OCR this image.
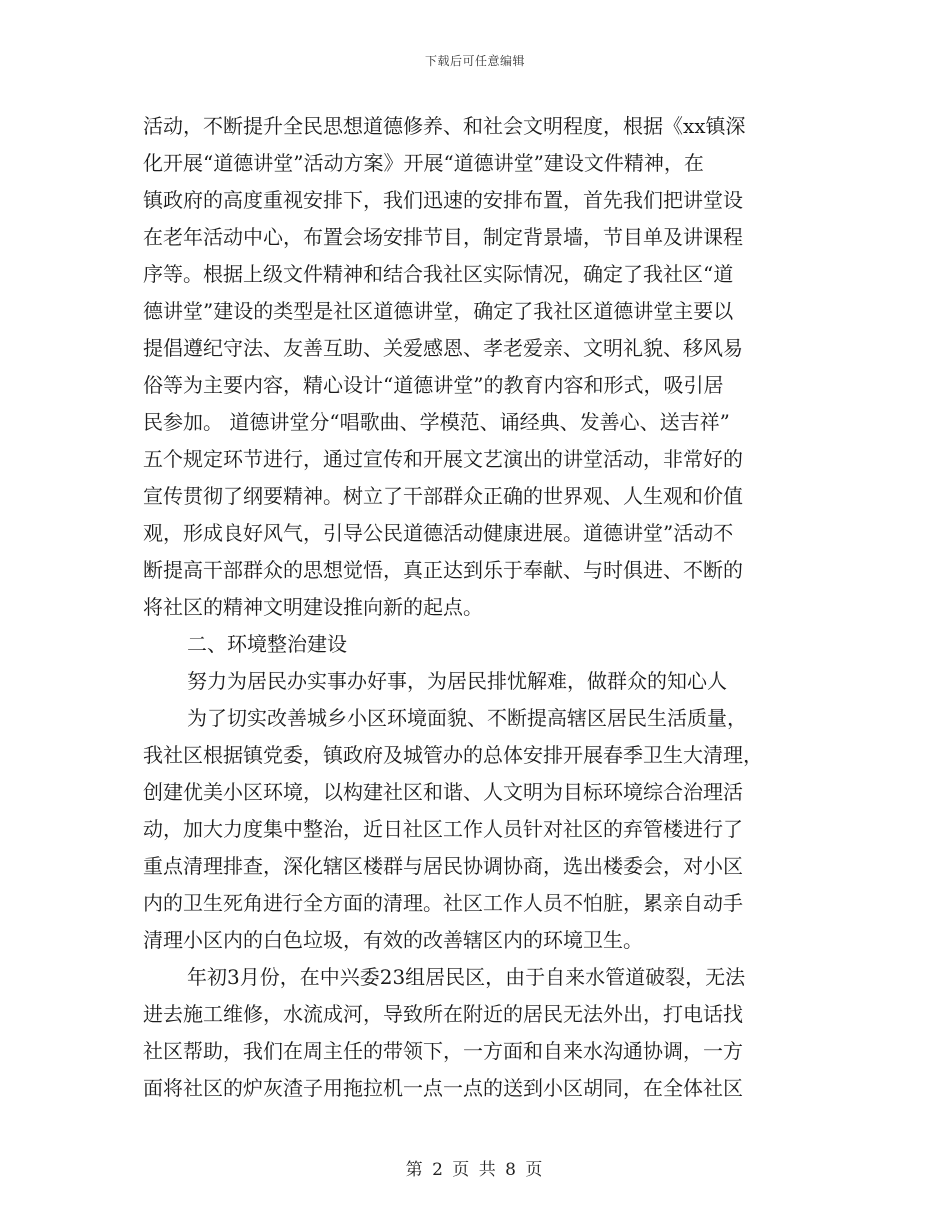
下载后可任意编辑
活动，不断提升全民思想道德修养、和社会文明程度，根据《xx镇深
化开展“道德讲堂”活动方案》开展“道德讲堂”建设文件精神，在
镇政府的高度重视安排下，我们迅速的安排布置，首先我们把讲堂设
在老年活动中心，布置会场安排节目，制定背景墙，节目单及讲课程
序等。根据上级文件精神和结合我社区实际情况，确定了我社区“道
德讲堂”建设的类型是社区道德讲堂，确定了我社区道德讲堂主要以
提倡遵纪守法、友善互助、关爱感恩、孝老爱亲、文明礼貌、移风易
俗等为主要内容，精心设计“道德讲堂”的教育内容和形式，吸引居
民参加。 道德讲堂分“唱歌曲、学模范、诵经典、发善心、送吉祥”
五个规定环节进行，通过宣传和开展文艺演出的讲堂活动，非常好的
宣传贯彻了纲要精神。树立了干部群众正确的世界观、人生观和价值
观，形成良好风气，引导公民道德活动健康进展。道德讲堂”活动不
断提高干部群众的思想觉悟，真正达到乐于奉献、与时俱进、不断的
将社区的精神文明建设推向新的起点。
二、环境整治建设
努力为居民办实事办好事，为居民排忧解难，做群众的知心人
为了切实改善城乡小区环境面貌、不断提高辖区居民生活质量，
我社区根据镇党委，镇政府及城管办的总体安排开展春季卫生大清理，
创建优美小区环境，以构建社区和谐、人文明为目标环境综合治理活
动，加大力度集中整治，近日社区工作人员针对社区的弃管楼进行了
重点清理排查，深化辖区楼群与居民协调协商，选出楼委会，对小区
内的卫生死角进行全方面的清理。社区工作人员不怕脏，累亲自动手
清理小区内的白色垃圾，有效的改善辖区内的环境卫生。
年初3月份，在中兴委23组居民区，由于自来水管道破裂，无法
进去施工维修，水流成河，导致所在附近的居民无法外出，打电话找
社区帮助，我们在周主任的带领下，一方面和自来水沟通协调，一方
面将社区的炉灰渣子用拖拉机一点一点的送到小区胡同，在全体社区
第 2 页 共 8 页
